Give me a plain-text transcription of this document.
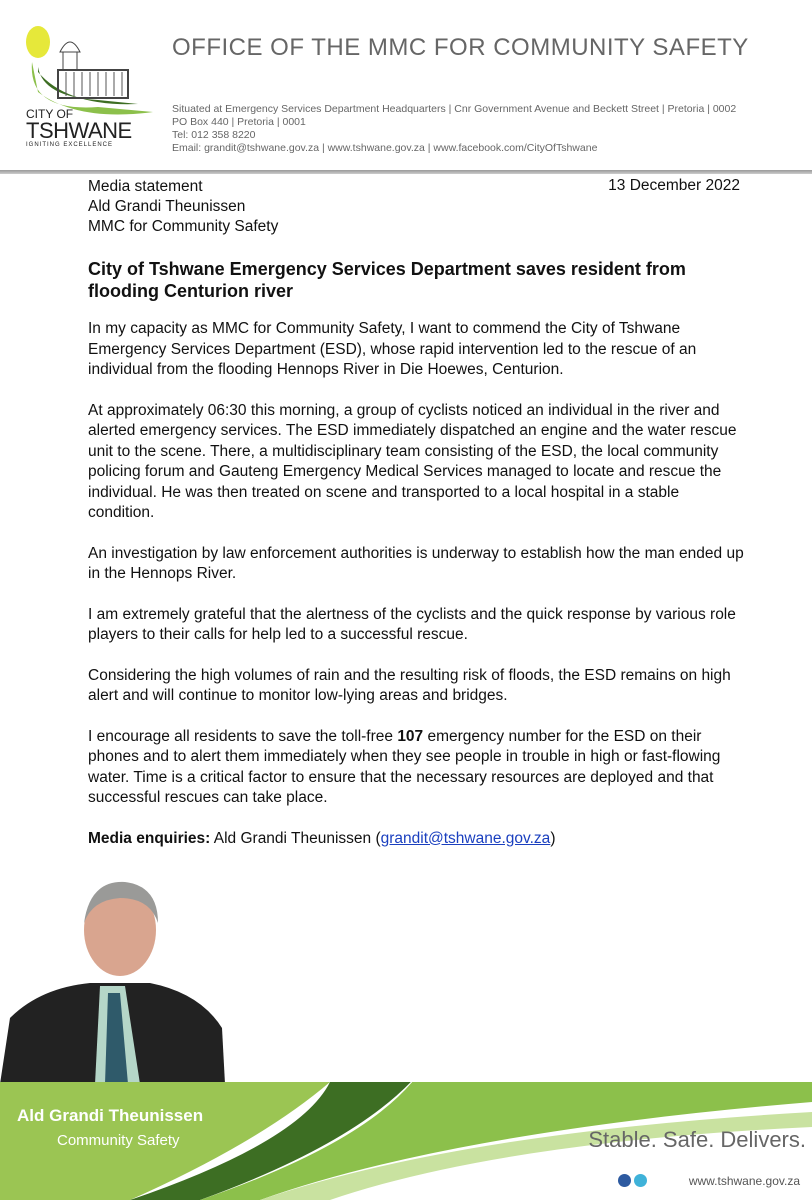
CITY OF
TSHWANE
IGNITING EXCELLENCE
OFFICE OF THE MMC FOR COMMUNITY SAFETY
Situated at Emergency Services Department Headquarters | Cnr Government Avenue and Beckett Street | Pretoria | 0002
PO Box 440 | Pretoria | 0001
Tel: 012 358 8220
Email: grandit@tshwane.gov.za | www.tshwane.gov.za | www.facebook.com/CityOfTshwane
Media statement
Ald Grandi Theunissen
MMC for Community Safety
13 December 2022
City of Tshwane Emergency Services Department saves resident from flooding Centurion river

In my capacity as MMC for Community Safety, I want to commend the City of Tshwane Emergency Services Department (ESD), whose rapid intervention led to the rescue of an individual from the flooding Hennops River in Die Hoewes, Centurion.

At approximately 06:30 this morning, a group of cyclists noticed an individual in the river and alerted emergency services. The ESD immediately dispatched an engine and the water rescue unit to the scene. There, a multidisciplinary team consisting of the ESD, the local community policing forum and Gauteng Emergency Medical Services managed to locate and rescue the individual. He was then treated on scene and transported to a local hospital in a stable condition.

An investigation by law enforcement authorities is underway to establish how the man ended up in the Hennops River.

I am extremely grateful that the alertness of the cyclists and the quick response by various role players to their calls for help led to a successful rescue.

Considering the high volumes of rain and the resulting risk of floods, the ESD remains on high alert and will continue to monitor low-lying areas and bridges.

I encourage all residents to save the toll-free 107 emergency number for the ESD on their phones and to alert them immediately when they see people in trouble in high or fast-flowing water. Time is a critical factor to ensure that the necessary resources are deployed and that successful rescues can take place.

Media enquiries: Ald Grandi Theunissen (grandit@tshwane.gov.za)

Ald Grandi Theunissen
Community Safety	Stable. Safe. Delivers.
www.tshwane.gov.za
